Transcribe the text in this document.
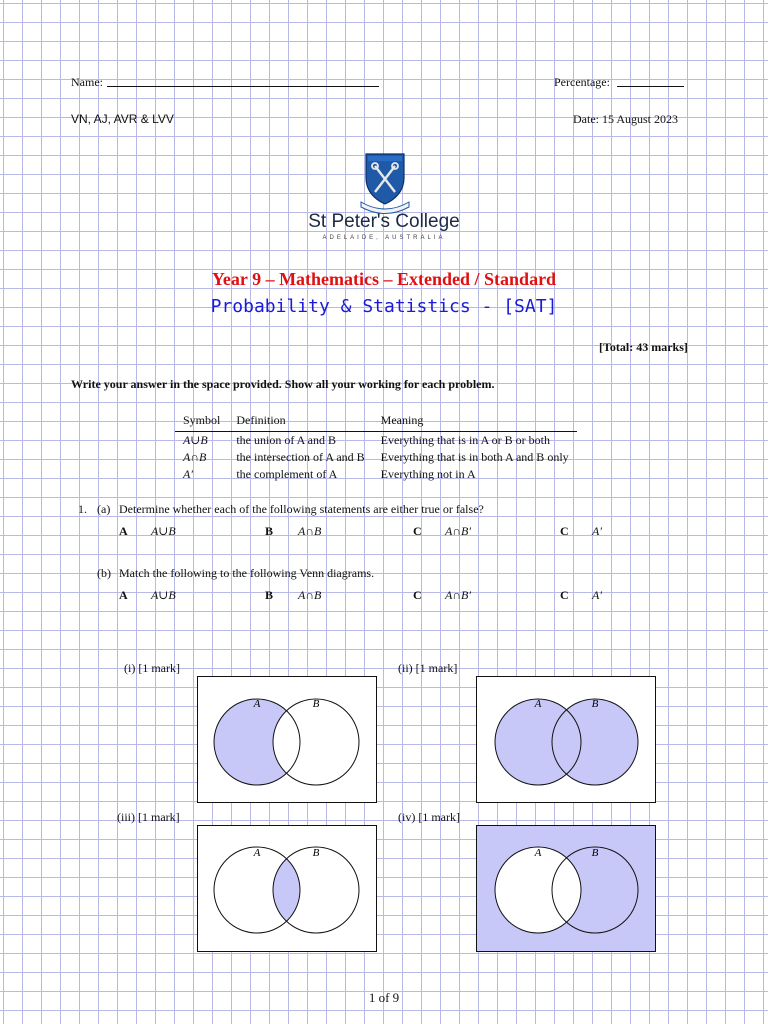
Name:	Percentage:
VN, AJ, AVR & LVV	Date: 15 August 2023
St Peter's College
ADELAIDE, AUSTRALIA
Year 9 – Mathematics – Extended / Standard
Probability & Statistics - [SAT]
[Total: 43 marks]
Write your answer in the space provided. Show all your working for each problem.
Symbol	Definition	Meaning
A∪B	the union of A and B	Everything that is in A or B or both
A∩B	the intersection of A and B	Everything that is in both A and B only
A′	the complement of A	Everything not in A
1. (a) Determine whether each of the following statements are either true or false?
A A∪B	B A∩B	C A∩B′	C A′
(b) Match the following to the following Venn diagrams.
A A∪B	B A∩B	C A∩B′	C A′
(i) [1 mark]
A	B
(ii) [1 mark]
A	B
(iii) [1 mark]
A	B
(iv) [1 mark]
A	B
1 of 9
